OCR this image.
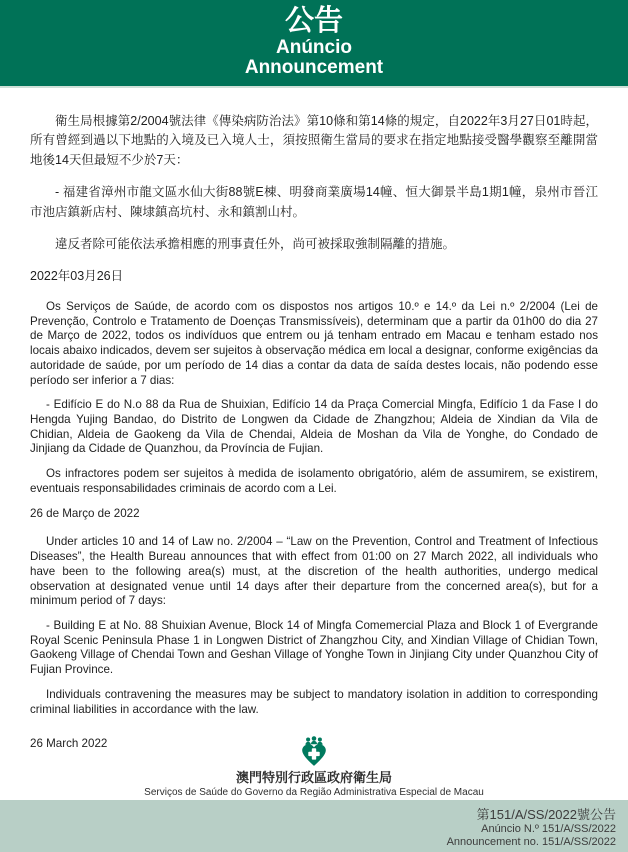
公告
Anúncio
Announcement

衛生局根據第2/2004號法律《傳染病防治法》第10條和第14條的規定，自2022年3月27日01時起，所有曾經到過以下地點的入境及已入境人士，須按照衛生當局的要求在指定地點接受醫學觀察至離開當地後14天但最短不少於7天：

- 福建省漳州市龍文區水仙大街88號E棟、明發商業廣場14幢、恒大御景半島1期1幢，泉州市晉江市池店鎮新店村、陳埭鎮高坑村、永和鎮割山村。

違反者除可能依法承擔相應的刑事責任外，尚可被採取強制隔離的措施。

2022年03月26日

Os Serviços de Saúde, de acordo com os dispostos nos artigos 10.º e 14.º da Lei n.º 2/2004 (Lei de Prevenção, Controlo e Tratamento de Doenças Transmissíveis), determinam que a partir da 01h00 do dia 27 de Março de 2022, todos os indivíduos que entrem ou já tenham entrado em Macau e tenham estado nos locais abaixo indicados, devem ser sujeitos à observação médica em local a designar, conforme exigências da autoridade de saúde, por um período de 14 dias a contar da data de saída destes locais, não podendo esse período ser inferior a 7 dias:

- Edifício E do N.o 88 da Rua de Shuixian, Edifício 14 da Praça Comercial Mingfa, Edifício 1 da Fase I do Hengda Yujing Bandao, do Distrito de Longwen da Cidade de Zhangzhou; Aldeia de Xindian da Vila de Chidian, Aldeia de Gaokeng da Vila de Chendai, Aldeia de Moshan da Vila de Yonghe, do Condado de Jinjiang da Cidade de Quanzhou, da Província de Fujian.

Os infractores podem ser sujeitos à medida de isolamento obrigatório, além de assumirem, se existirem, eventuais responsabilidades criminais de acordo com a Lei.

26 de Março de 2022

Under articles 10 and 14 of Law no. 2/2004 – “Law on the Prevention, Control and Treatment of Infectious Diseases”, the Health Bureau announces that with effect from 01:00 on 27 March 2022, all individuals who have been to the following area(s) must, at the discretion of the health authorities, undergo medical observation at designated venue until 14 days after their departure from the concerned area(s), but for a minimum period of 7 days:

- Building E at No. 88 Shuixian Avenue, Block 14 of Mingfa Comemercial Plaza and Block 1 of Evergrande Royal Scenic Peninsula Phase 1 in Longwen District of Zhangzhou City, and Xindian Village of Chidian Town, Gaokeng Village of Chendai Town and Geshan Village of Yonghe Town in Jinjiang City under Quanzhou City of Fujian Province.

Individuals contravening the measures may be subject to mandatory isolation in addition to corresponding criminal liabilities in accordance with the law.

26 March 2022

澳門特別行政區政府衛生局
Serviços de Saúde do Governo da Região Administrativa Especial de Macau
第151/A/SS/2022號公告
Anúncio N.º 151/A/SS/2022
Announcement no. 151/A/SS/2022
